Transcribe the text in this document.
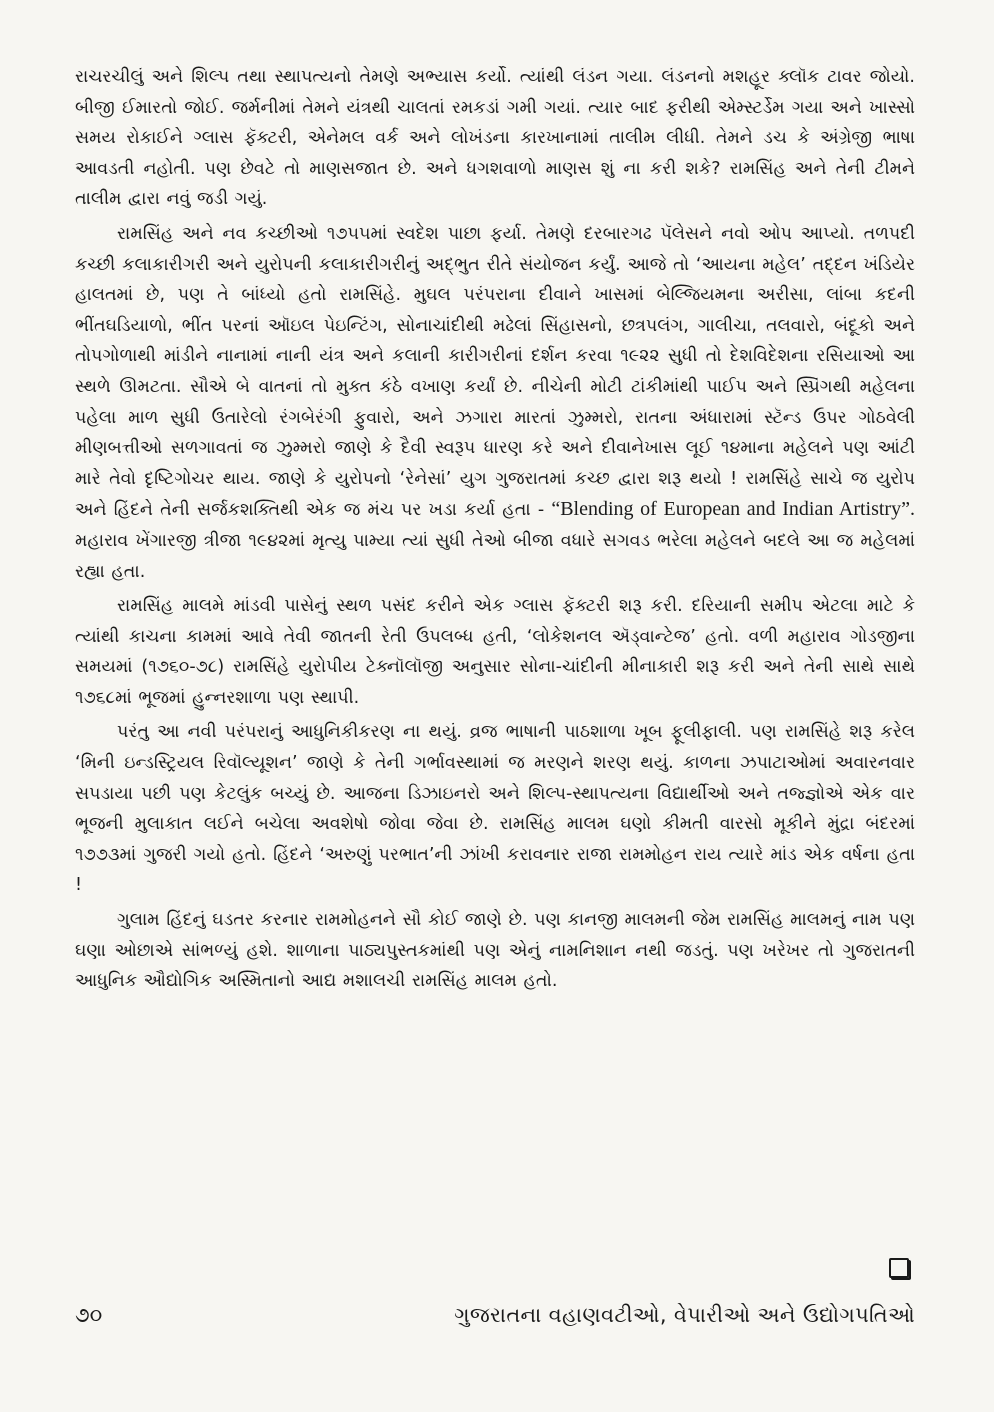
રાચરચીલું અને શિલ્પ તથા સ્થાપત્યનો તેમણે અભ્યાસ કર્યો. ત્યાંથી લંડન ગયા. લંડનનો મશહૂર ક્લૉક ટાવર જોયો. બીજી ઈમારતો જોઈ. જર્મનીમાં તેમને યંત્રથી ચાલતાં રમકડાં ગમી ગયાં. ત્યાર બાદ ફરીથી એમ્સ્ટર્ડેમ ગયા અને ખાસ્સો સમય રોકાઈને ગ્લાસ ફૅક્ટરી, એનેમલ વર્ક અને લોખંડના કારખાનામાં તાલીમ લીધી. તેમને ડચ કે અંગ્રેજી ભાષા આવડતી નહોતી. પણ છેવટે તો માણસજાત છે. અને ધગશવાળો માણસ શું ના કરી શકે? રામસિંહ અને તેની ટીમને તાલીમ દ્વારા નવું જડી ગયું.

રામસિંહ અને નવ કચ્છીઓ ૧૭૫૫માં સ્વદેશ પાછા ફર્યા. તેમણે દરબારગઢ પૅલેસને નવો ઓપ આપ્યો. તળપદી કચ્છી કલાકારીગરી અને યુરોપની કલાકારીગરીનું અદ્ભુત રીતે સંયોજન કર્યું. આજે તો ‘આયના મહેલ’ તદ્દન ખંડિયેર હાલતમાં છે, પણ તે બાંધ્યો હતો રામસિંહે. મુઘલ પરંપરાના દીવાને ખાસમાં બેલ્જિયમના અરીસા, લાંબા કદની ભીંતઘડિયાળો, ભીંત પરનાં ઑઇલ પેઇન્ટિંગ, સોનાચાંદીથી મઢેલાં સિંહાસનો, છત્રપલંગ, ગાલીચા, તલવારો, બંદૂકો અને તોપગોળાથી માંડીને નાનામાં નાની યંત્ર અને કલાની કારીગરીનાં દર્શન કરવા ૧૯૨૨ સુધી તો દેશવિદેશના રસિયાઓ આ સ્થળે ઊમટતા. સૌએ બે વાતનાં તો મુક્ત કંઠે વખાણ કર્યાં છે. નીચેની મોટી ટાંકીમાંથી પાઈપ અને સ્પ્રિંગથી મહેલના પહેલા માળ સુધી ઉતારેલો રંગબેરંગી ફુવારો, અને ઝગારા મારતાં ઝુમ્મરો, રાતના અંધારામાં સ્ટૅન્ડ ઉપર ગોઠવેલી મીણબત્તીઓ સળગાવતાં જ ઝુમ્મરો જાણે કે દૈવી સ્વરૂપ ધારણ કરે અને દીવાનેખાસ લૂઈ ૧૪માના મહેલને પણ આંટી મારે તેવો દૃષ્ટિગોચર થાય. જાણે કે યુરોપનો ‘રેનેસાં’ યુગ ગુજરાતમાં કચ્છ દ્વારા શરૂ થયો ! રામસિંહે સાચે જ યુરોપ અને હિંદને તેની સર્જકશક્તિથી એક જ મંચ પર ખડા કર્યા હતા - “Blending of European and Indian Artistry”. મહારાવ ખેંગારજી ત્રીજા ૧૯૪૨માં મૃત્યુ પામ્યા ત્યાં સુધી તેઓ બીજા વધારે સગવડ ભરેલા મહેલને બદલે આ જ મહેલમાં રહ્યા હતા.

રામસિંહ માલમે માંડવી પાસેનું સ્થળ પસંદ કરીને એક ગ્લાસ ફૅક્ટરી શરૂ કરી. દરિયાની સમીપ એટલા માટે કે ત્યાંથી કાચના કામમાં આવે તેવી જાતની રેતી ઉપલબ્ધ હતી, ‘લોકેશનલ ઍડ્વાન્ટેજ’ હતો. વળી મહારાવ ગોડજીના સમયમાં (૧૭૬૦-૭૮) રામસિંહે યુરોપીય ટેક્નૉલૉજી અનુસાર સોના-ચાંદીની મીનાકારી શરૂ કરી અને તેની સાથે સાથે ૧૭૬૮માં ભૂજમાં હુન્નરશાળા પણ સ્થાપી.

પરંતુ આ નવી પરંપરાનું આધુનિકીકરણ ના થયું. વ્રજ ભાષાની પાઠશાળા ખૂબ ફૂલીફાલી. પણ રામસિંહે શરૂ કરેલ ‘મિની ઇન્ડસ્ટ્રિયલ રિવૉલ્યૂશન’ જાણે કે તેની ગર્ભાવસ્થામાં જ મરણને શરણ થયું. કાળના ઝપાટાઓમાં અવારનવાર સપડાયા પછી પણ કેટલુંક બચ્યું છે. આજના ડિઝાઇનરો અને શિલ્પ-સ્થાપત્યના વિદ્યાર્થીઓ અને તજ્જ્ઞોએ એક વાર ભૂજની મુલાકાત લઈને બચેલા અવશેષો જોવા જેવા છે. રામસિંહ માલમ ઘણો કીમતી વારસો મૂકીને મુંદ્રા બંદરમાં ૧૭૭૩માં ગુજરી ગયો હતો. હિંદને ‘અરુણું પરભાત’ની ઝાંખી કરાવનાર રાજા રામમોહન રાય ત્યારે માંડ એક વર્ષના હતા !

ગુલામ હિંદનું ઘડતર કરનાર રામમોહનને સૌ કોઈ જાણે છે. પણ કાનજી માલમની જેમ રામસિંહ માલમનું નામ પણ ઘણા ઓછાએ સાંભળ્યું હશે. શાળાના પાઠ્યપુસ્તકમાંથી પણ એનું નામનિશાન નથી જડતું. પણ ખરેખર તો ગુજરાતની આધુનિક ઔદ્યોગિક અસ્મિતાનો આદ્ય મશાલચી રામસિંહ માલમ હતો.

૭૦	ગુજરાતના વહાણવટીઓ, વેપારીઓ અને ઉદ્યોગપતિઓ
